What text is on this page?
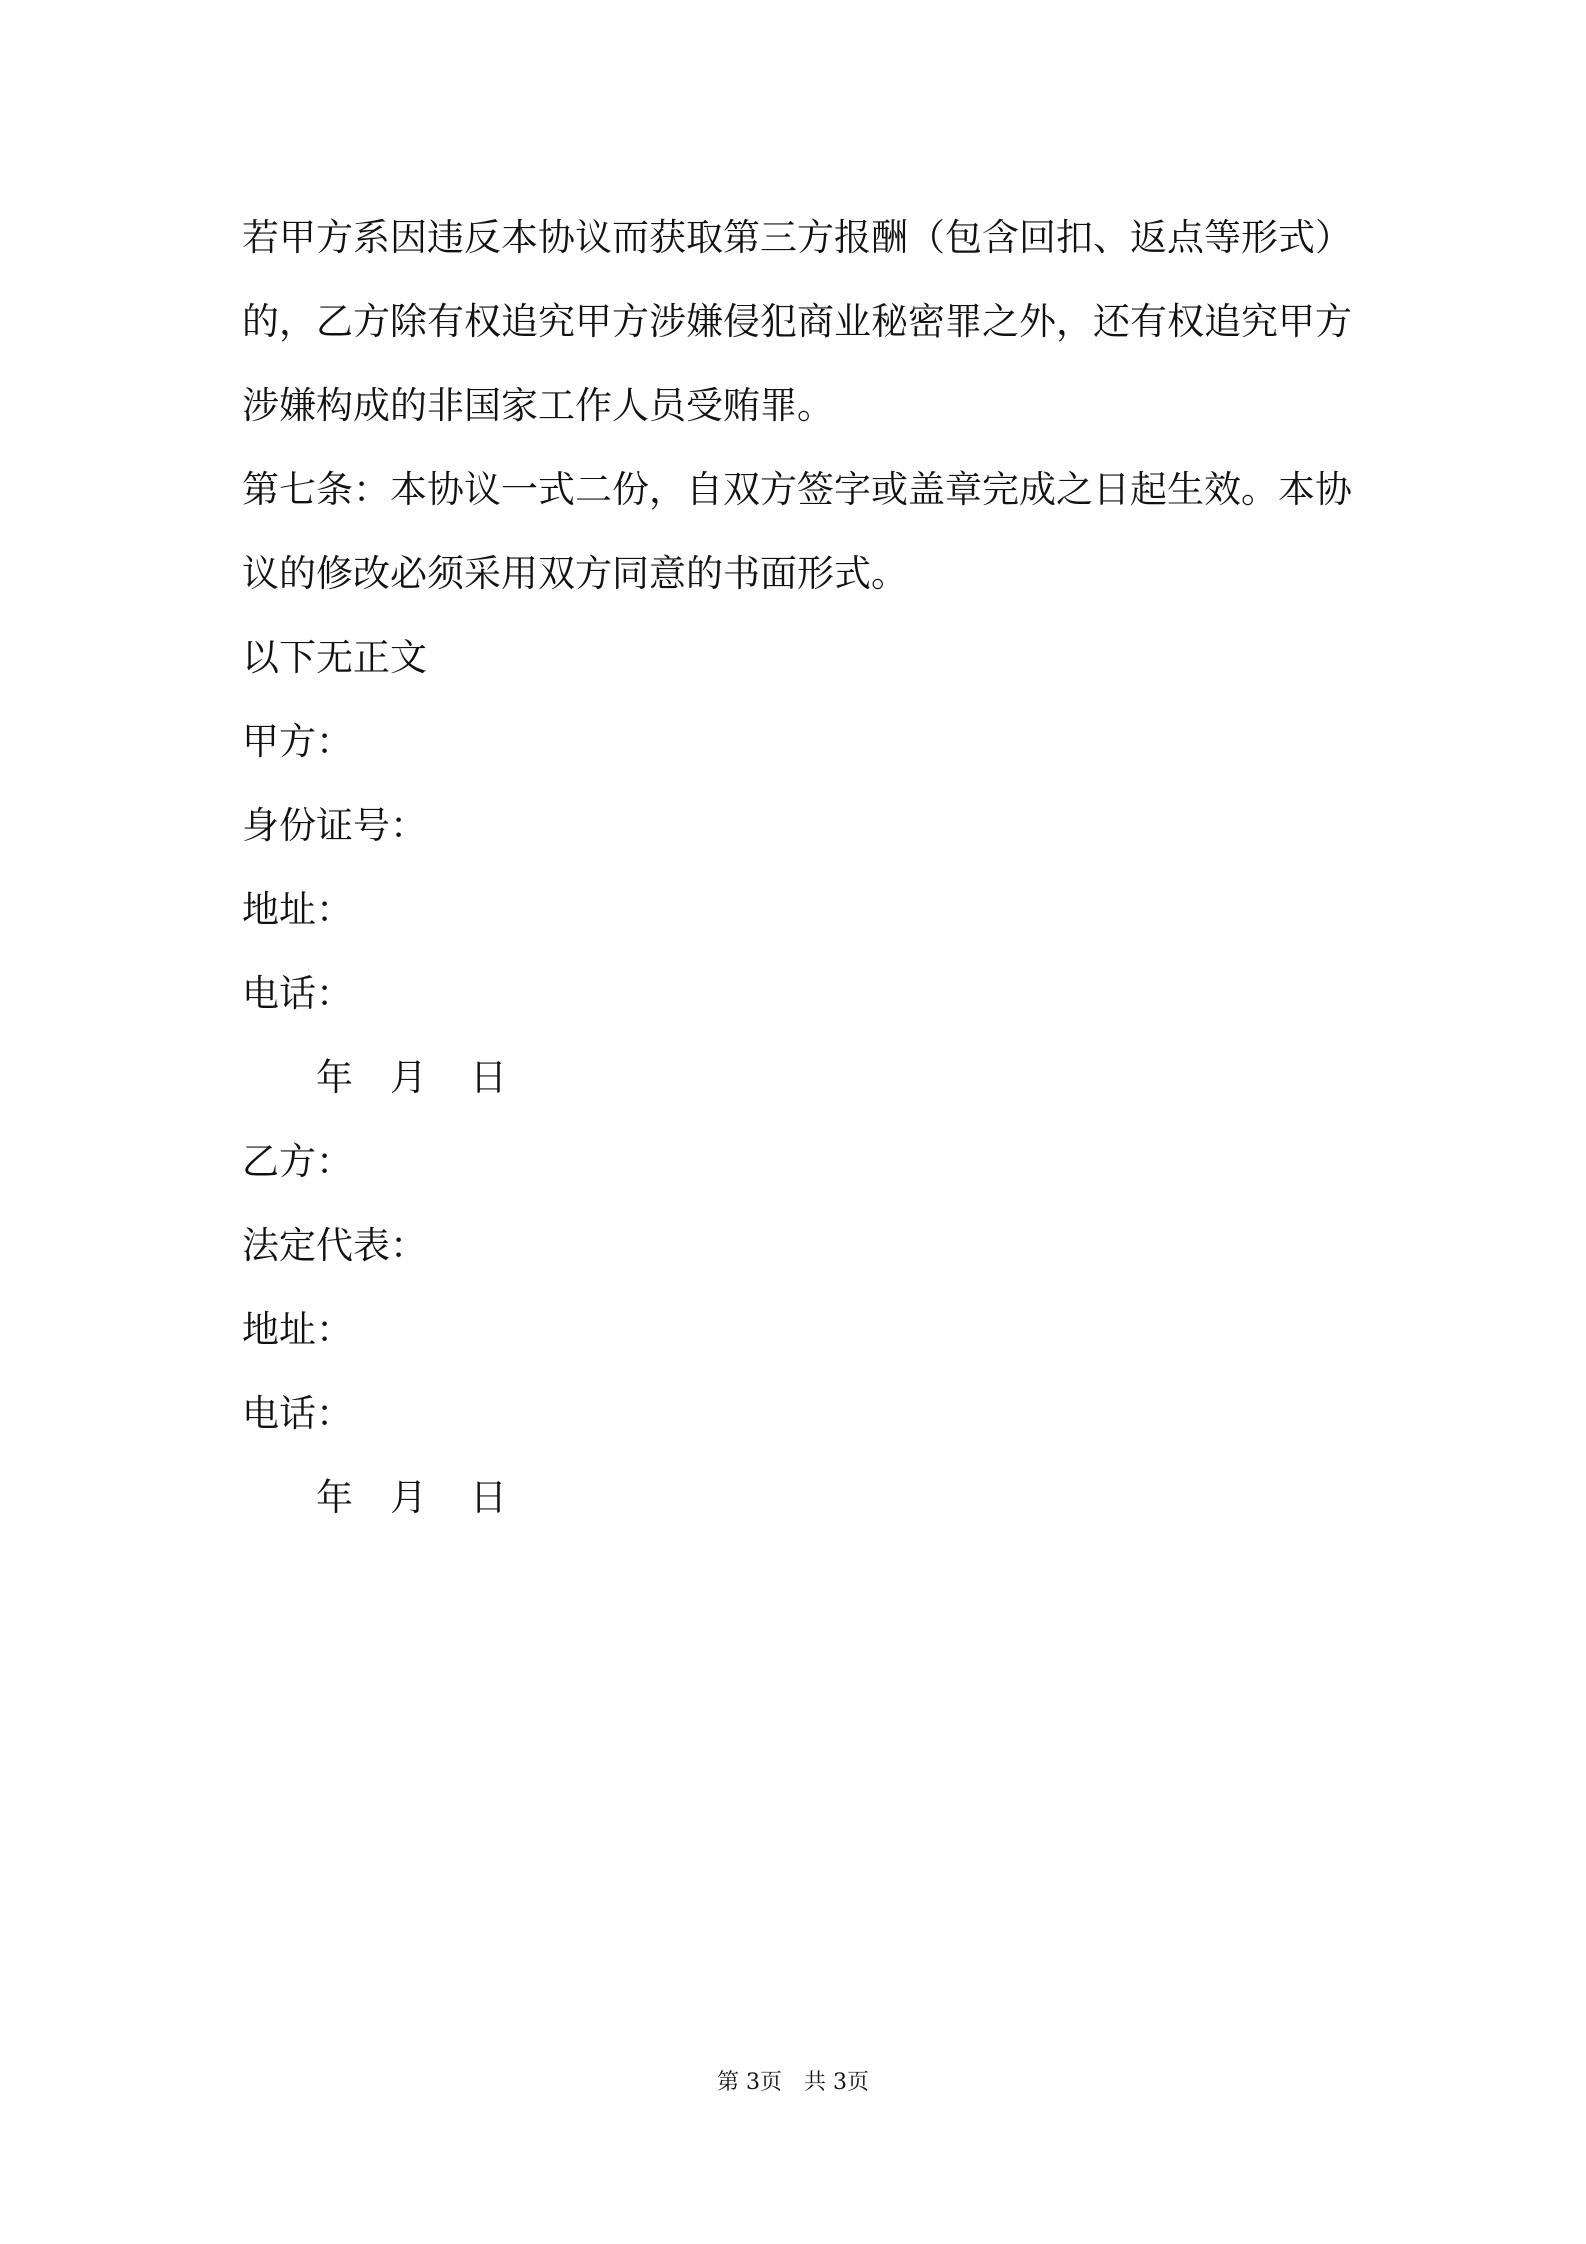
若甲方系因违反本协议而获取第三方报酬（包含回扣、返点等形式）
的，乙方除有权追究甲方涉嫌侵犯商业秘密罪之外，还有权追究甲方
涉嫌构成的非国家工作人员受贿罪。
第七条：本协议一式二份，自双方签字或盖章完成之日起生效。本协
议的修改必须采用双方同意的书面形式。
以下无正文
甲方：
身份证号：
地址：
电话：
年 月 日
乙方：
法定代表：
地址：
电话：
年 月 日
第 3页 共 3页
